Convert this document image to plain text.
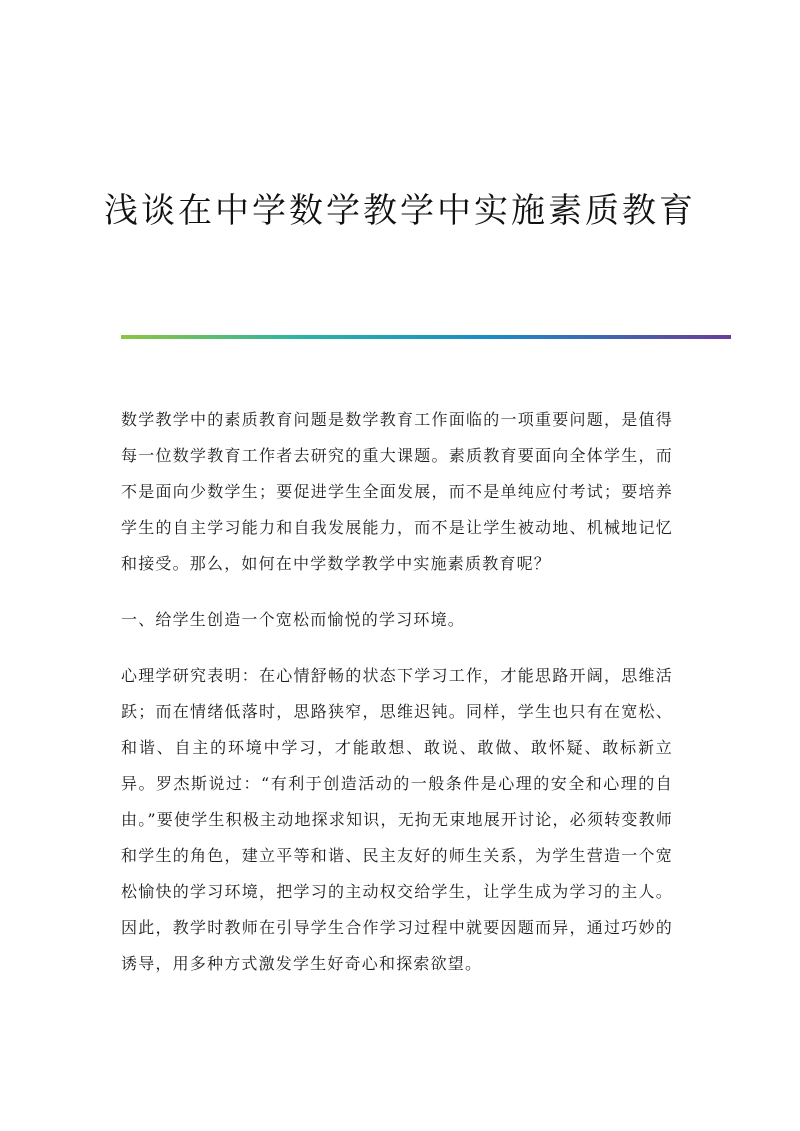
浅谈在中学数学教学中实施素质教育

数学教学中的素质教育问题是数学教育工作面临的一项重要问题，是值得每一位数学教育工作者去研究的重大课题。素质教育要面向全体学生，而不是面向少数学生；要促进学生全面发展，而不是单纯应付考试；要培养学生的自主学习能力和自我发展能力，而不是让学生被动地、机械地记忆和接受。那么，如何在中学数学教学中实施素质教育呢？

一、给学生创造一个宽松而愉悦的学习环境。

心理学研究表明：在心情舒畅的状态下学习工作，才能思路开阔，思维活跃；而在情绪低落时，思路狭窄，思维迟钝。同样，学生也只有在宽松、和谐、自主的环境中学习，才能敢想、敢说、敢做、敢怀疑、敢标新立异。罗杰斯说过：“有利于创造活动的一般条件是心理的安全和心理的自由。”要使学生积极主动地探求知识，无拘无束地展开讨论，必须转变教师和学生的角色，建立平等和谐、民主友好的师生关系，为学生营造一个宽松愉快的学习环境，把学习的主动权交给学生，让学生成为学习的主人。因此，教学时教师在引导学生合作学习过程中就要因题而异，通过巧妙的诱导，用多种方式激发学生好奇心和探索欲望。
